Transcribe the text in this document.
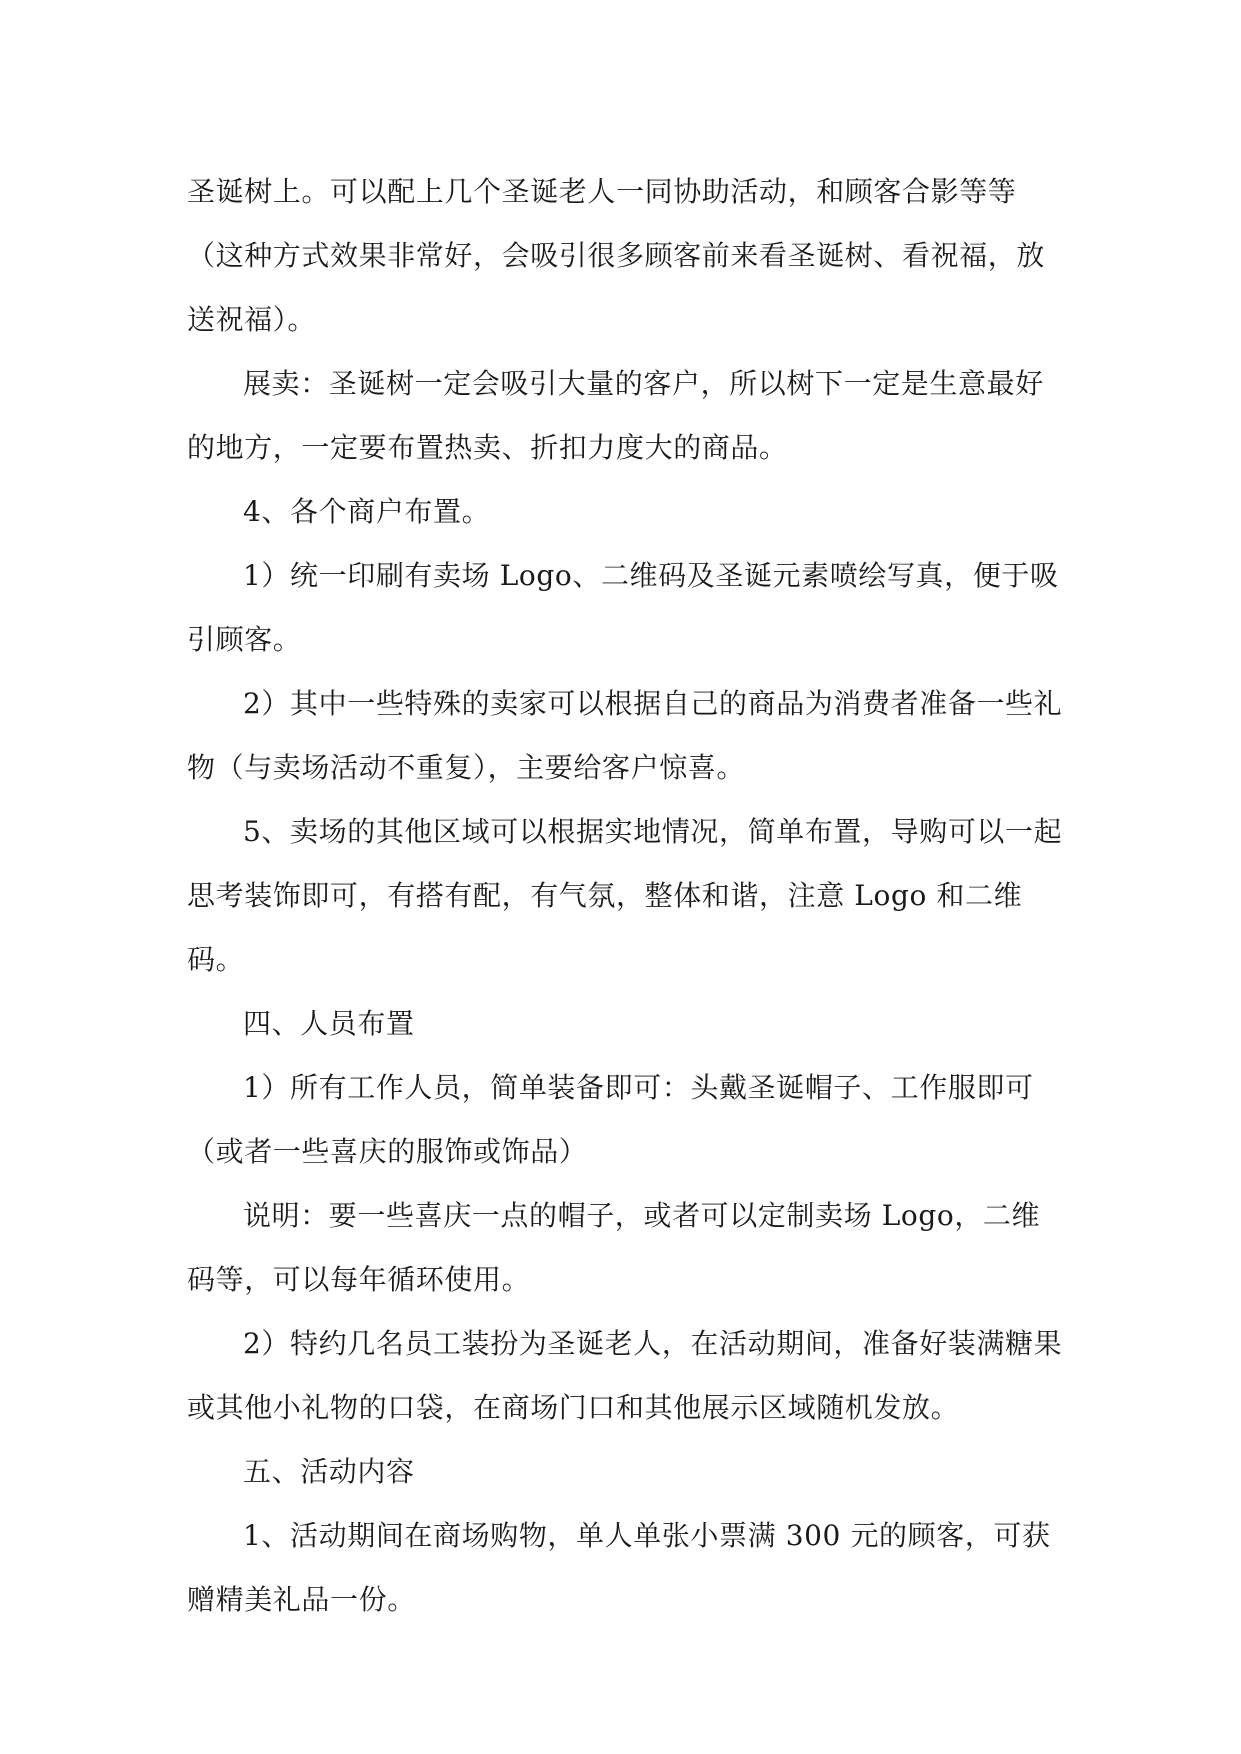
圣诞树上。可以配上几个圣诞老人一同协助活动，和顾客合影等等（这种方式效果非常好，会吸引很多顾客前来看圣诞树、看祝福，放送祝福）。

展卖：圣诞树一定会吸引大量的客户，所以树下一定是生意最好的地方，一定要布置热卖、折扣力度大的商品。

4、各个商户布置。

1）统一印刷有卖场 Logo、二维码及圣诞元素喷绘写真，便于吸引顾客。

2）其中一些特殊的卖家可以根据自己的商品为消费者准备一些礼物（与卖场活动不重复），主要给客户惊喜。

5、卖场的其他区域可以根据实地情况，简单布置，导购可以一起思考装饰即可，有搭有配，有气氛，整体和谐，注意 Logo 和二维码。

四、人员布置

1）所有工作人员，简单装备即可：头戴圣诞帽子、工作服即可（或者一些喜庆的服饰或饰品）

说明：要一些喜庆一点的帽子，或者可以定制卖场 Logo，二维码等，可以每年循环使用。

2）特约几名员工装扮为圣诞老人，在活动期间，准备好装满糖果或其他小礼物的口袋，在商场门口和其他展示区域随机发放。

五、活动内容

1、活动期间在商场购物，单人单张小票满 300 元的顾客，可获赠精美礼品一份。
